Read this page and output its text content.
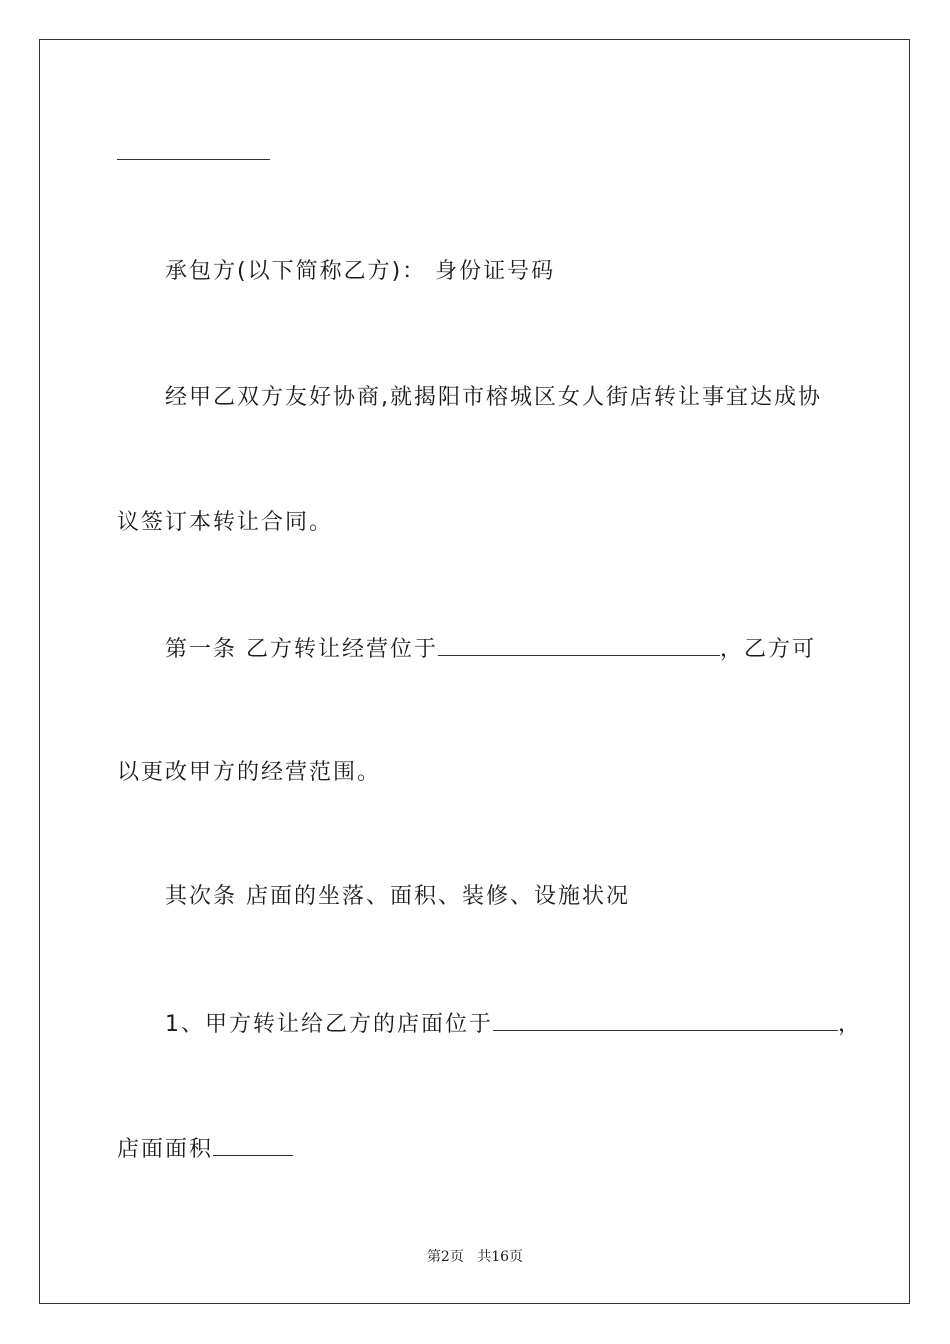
承包方(以下简称乙方)： 身份证号码
经甲乙双方友好协商,就揭阳市榕城区女人街店转让事宜达成协
议签订本转让合同。
第一条 乙方转让经营位于	，乙方可
以更改甲方的经营范围。
其次条 店面的坐落、面积、装修、设施状况
1、甲方转让给乙方的店面位于	，
店面面积
第2页 共16页
